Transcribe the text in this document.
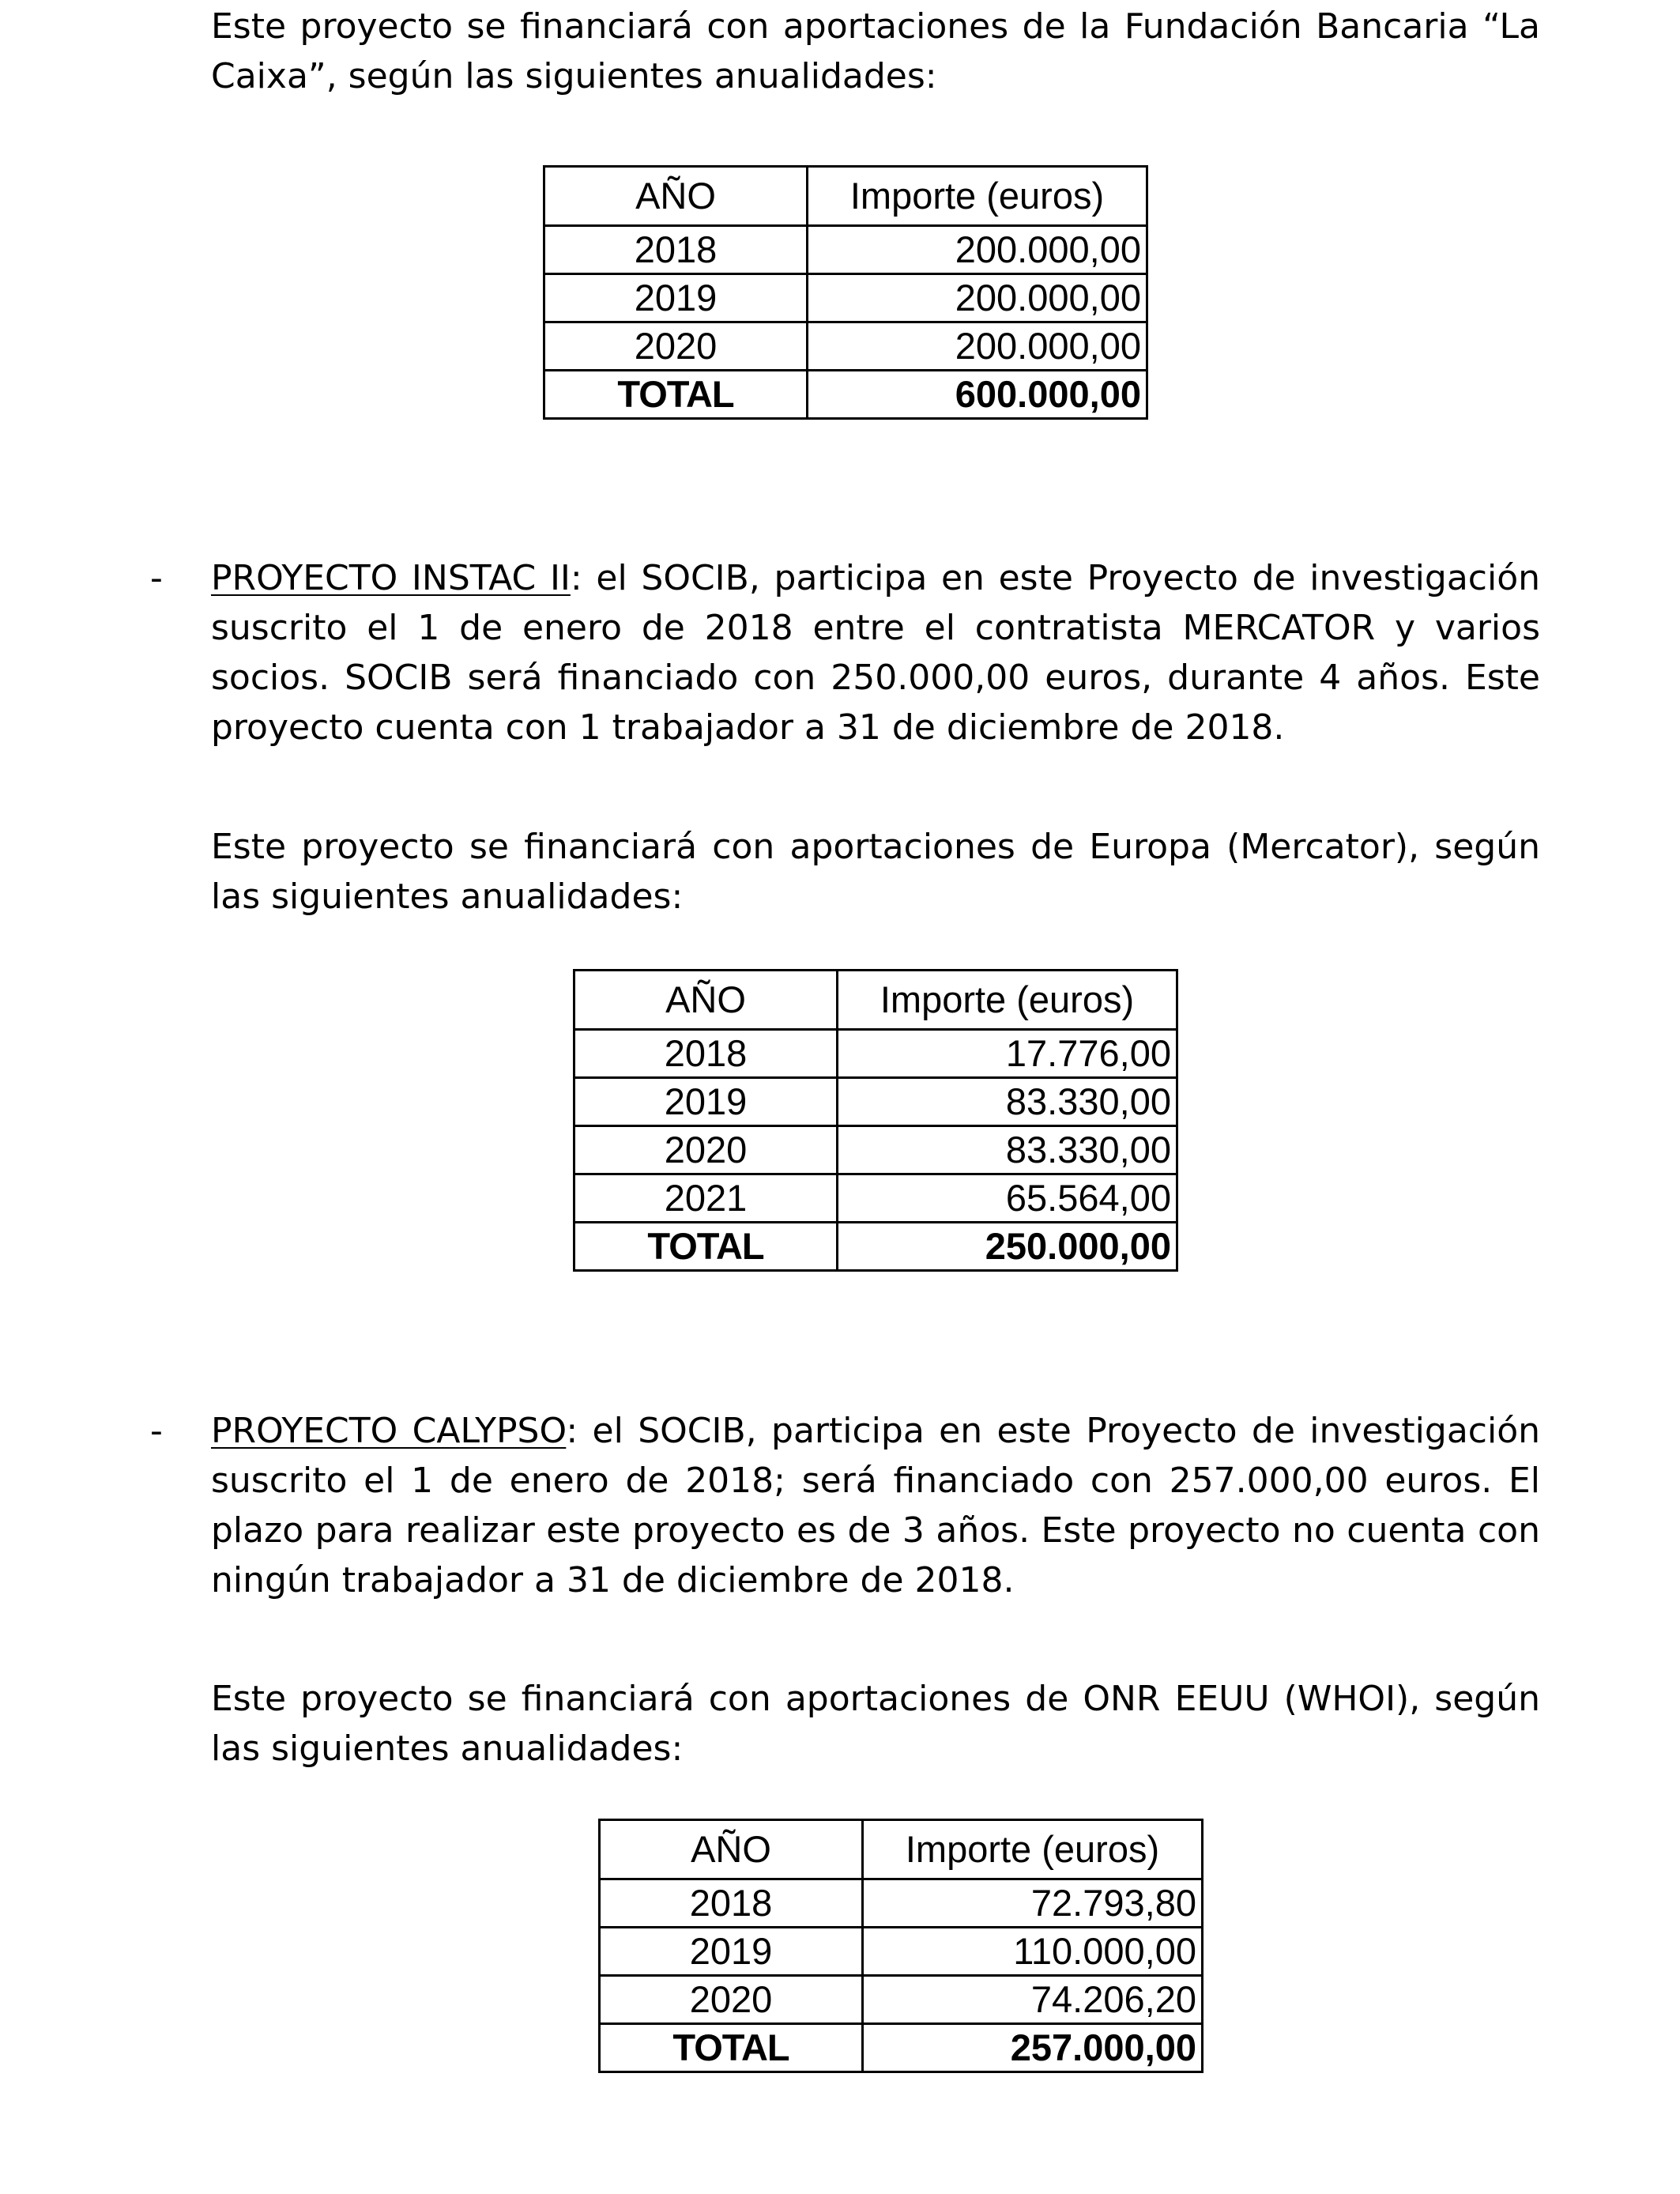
Este proyecto se financiará con aportaciones de la Fundación Bancaria “La Caixa”, según las siguientes anualidades:

AÑO	Importe (euros)
2018	200.000,00
2019	200.000,00
2020	200.000,00
TOTAL	600.000,00
- PROYECTO INSTAC II: el SOCIB, participa en este Proyecto de investigación suscrito el 1 de enero de 2018 entre el contratista MERCATOR y varios socios. SOCIB será financiado con 250.000,00 euros, durante 4 años. Este proyecto cuenta con 1 trabajador a 31 de diciembre de 2018.

Este proyecto se financiará con aportaciones de Europa (Mercator), según las siguientes anualidades:

AÑO	Importe (euros)
2018	17.776,00
2019	83.330,00
2020	83.330,00
2021	65.564,00
TOTAL	250.000,00
- PROYECTO CALYPSO: el SOCIB, participa en este Proyecto de investigación suscrito el 1 de enero de 2018; será financiado con 257.000,00 euros. El plazo para realizar este proyecto es de 3 años. Este proyecto no cuenta con ningún trabajador a 31 de diciembre de 2018.

Este proyecto se financiará con aportaciones de ONR EEUU (WHOI), según las siguientes anualidades:

AÑO	Importe (euros)
2018	72.793,80
2019	110.000,00
2020	74.206,20
TOTAL	257.000,00
